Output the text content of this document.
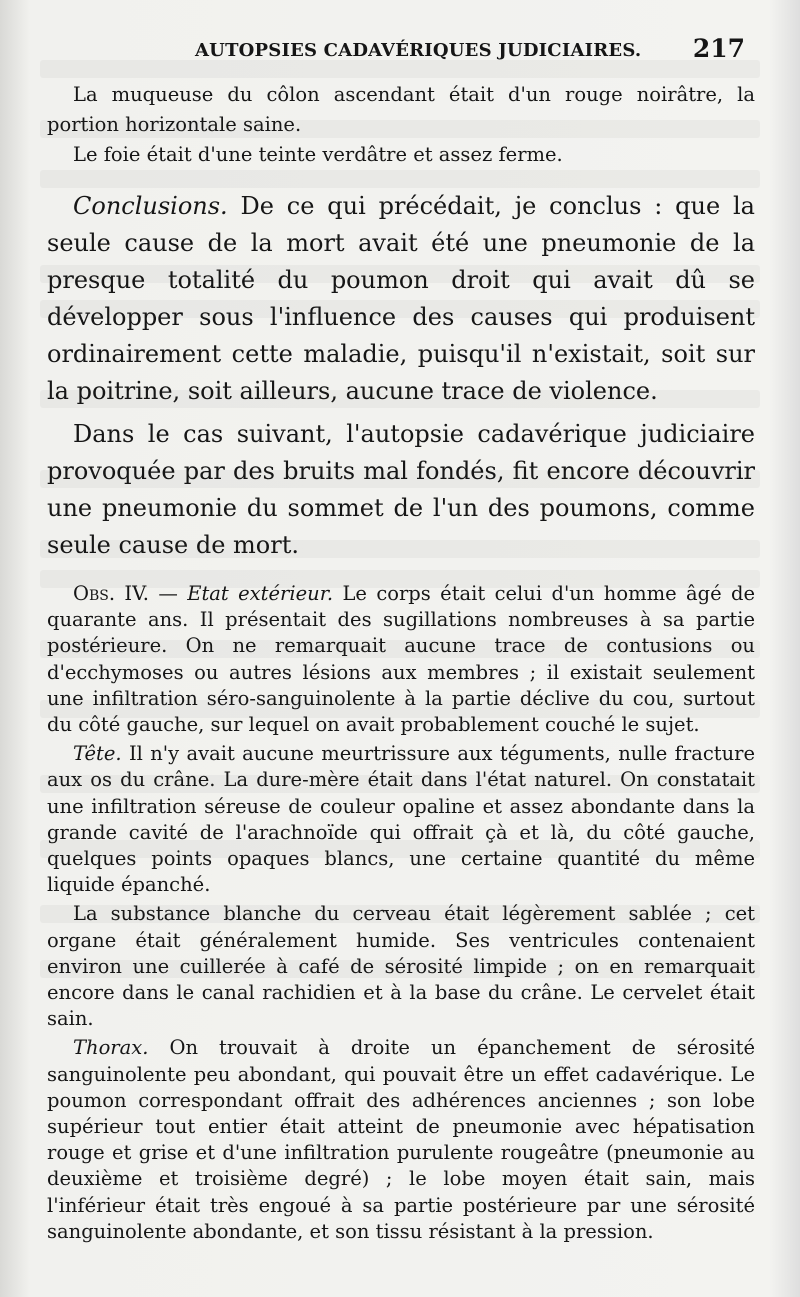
AUTOPSIES CADAVÉRIQUES JUDICIAIRES. 217

La muqueuse du côlon ascendant était d'un rouge noirâtre, la portion horizontale saine.

Le foie était d'une teinte verdâtre et assez ferme.

Conclusions. De ce qui précédait, je conclus : que la seule cause de la mort avait été une pneumonie de la presque totalité du poumon droit qui avait dû se développer sous l'influence des causes qui produisent ordinairement cette maladie, puisqu'il n'existait, soit sur la poitrine, soit ailleurs, aucune trace de violence.

Dans le cas suivant, l'autopsie cadavérique judiciaire provoquée par des bruits mal fondés, fit encore découvrir une pneumonie du sommet de l'un des poumons, comme seule cause de mort.

Obs. IV. — Etat extérieur. Le corps était celui d'un homme âgé de quarante ans. Il présentait des sugillations nombreuses à sa partie postérieure. On ne remarquait aucune trace de contusions ou d'ecchymoses ou autres lésions aux membres ; il existait seulement une infiltration séro-sanguinolente à la partie déclive du cou, surtout du côté gauche, sur lequel on avait probablement couché le sujet.

Tête. Il n'y avait aucune meurtrissure aux téguments, nulle fracture aux os du crâne. La dure-mère était dans l'état naturel. On constatait une infiltration séreuse de couleur opaline et assez abondante dans la grande cavité de l'arachnoïde qui offrait çà et là, du côté gauche, quelques points opaques blancs, une certaine quantité du même liquide épanché.

La substance blanche du cerveau était légèrement sablée ; cet organe était généralement humide. Ses ventricules contenaient environ une cuillerée à café de sérosité limpide ; on en remarquait encore dans le canal rachidien et à la base du crâne. Le cervelet était sain.

Thorax. On trouvait à droite un épanchement de sérosité sanguinolente peu abondant, qui pouvait être un effet cadavérique. Le poumon correspondant offrait des adhérences anciennes ; son lobe supérieur tout entier était atteint de pneumonie avec hépatisation rouge et grise et d'une infiltration purulente rougeâtre (pneumonie au deuxième et troisième degré) ; le lobe moyen était sain, mais l'inférieur était très engoué à sa partie postérieure par une sérosité sanguinolente abondante, et son tissu résistant à la pression.
